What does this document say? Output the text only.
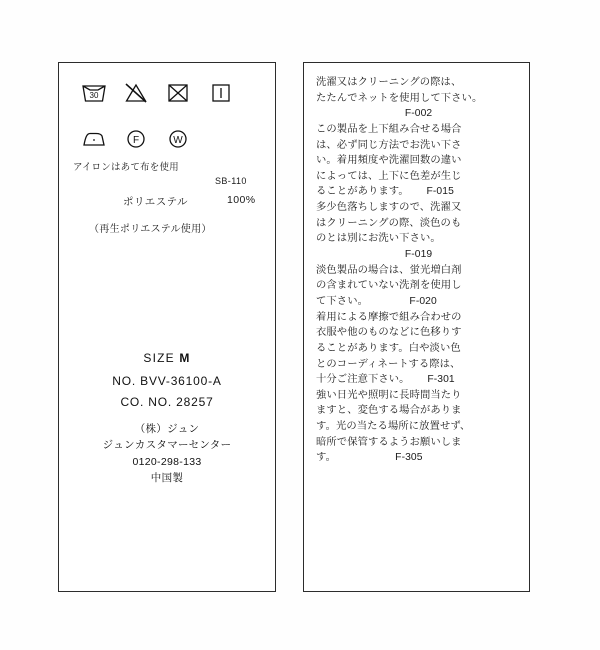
30
F	W
アイロンはあて布を使用
SB-110
ポリエステル	100%
（再生ポリエステル使用）
SIZE M
NO. BVV-36100-A
CO. NO. 28257
（株）ジュン
ジュンカスタマーセンター
0120-298-133
中国製
洗濯又はクリーニングの際は、
たたんでネットを使用して下さい。
F-002
この製品を上下組み合せる場合
は、必ず同じ方法でお洗い下さ
い。着用頻度や洗濯回数の違い
によっては、上下に色差が生じ
ることがあります。      F-015
多少色落ちしますので、洗濯又
はクリーニングの際、淡色のも
のとは別にお洗い下さい。
F-019
淡色製品の場合は、蛍光増白剤
の含まれていない洗剤を使用し
て下さい。              F-020
着用による摩擦で組み合わせの
衣服や他のものなどに色移りす
ることがあります。白や淡い色
とのコーディネートする際は、
十分ご注意下さい。      F-301
強い日光や照明に長時間当たり
ますと、変色する場合がありま
す。光の当たる場所に放置せず、
暗所で保管するようお願いしま
す。                    F-305
